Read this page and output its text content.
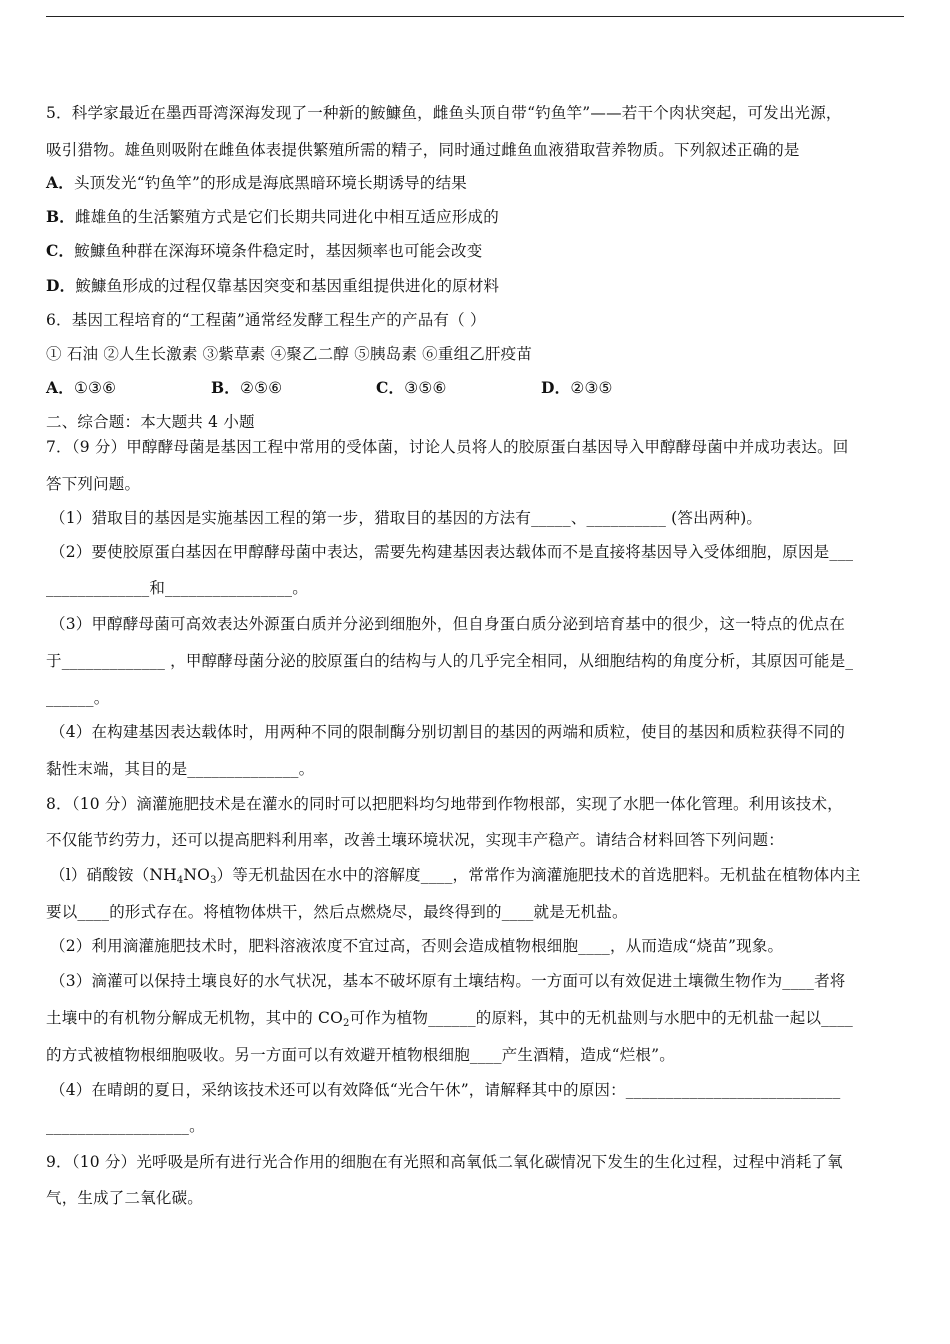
5．科学家最近在墨西哥湾深海发现了一种新的鮟鱇鱼，雌鱼头顶自带“钓鱼竿”——若干个肉状突起，可发出光源，
吸引猎物。雄鱼则吸附在雌鱼体表提供繁殖所需的精子，同时通过雌鱼血液猎取营养物质。下列叙述正确的是
A．头顶发光“钓鱼竿”的形成是海底黑暗环境长期诱导的结果
B．雌雄鱼的生活繁殖方式是它们长期共同进化中相互适应形成的
C．鮟鱇鱼种群在深海环境条件稳定时，基因频率也可能会改变
D．鮟鱇鱼形成的过程仅靠基因突变和基因重组提供进化的原材料
6．基因工程培育的“工程菌”通常经发酵工程生产的产品有（ ）
① 石油 ②人生长激素 ③紫草素 ④聚乙二醇 ⑤胰岛素 ⑥重组乙肝疫苗
A．①③⑥	B．②⑤⑥	C．③⑤⑥	D．②③⑤
二、综合题：本大题共 4 小题
7．（9 分）甲醇酵母菌是基因工程中常用的受体菌，讨论人员将人的胶原蛋白基因导入甲醇酵母菌中并成功表达。回
答下列问题。
（1）猎取目的基因是实施基因工程的第一步，猎取目的基因的方法有_____、__________ (答出两种)。
（2）要使胶原蛋白基因在甲醇酵母菌中表达，需要先构建基因表达载体而不是直接将基因导入受体细胞，原因是___
_____________和________________。
（3）甲醇酵母菌可高效表达外源蛋白质并分泌到细胞外，但自身蛋白质分泌到培育基中的很少，这一特点的优点在
于_____________ ，甲醇酵母菌分泌的胶原蛋白的结构与人的几乎完全相同，从细胞结构的角度分析，其原因可能是_
______。
（4）在构建基因表达载体时，用两种不同的限制酶分别切割目的基因的两端和质粒，使目的基因和质粒获得不同的
黏性末端，其目的是______________。
8．（10 分）滴灌施肥技术是在灌水的同时可以把肥料均匀地带到作物根部，实现了水肥一体化管理。利用该技术，
不仅能节约劳力，还可以提高肥料利用率，改善土壤环境状况，实现丰产稳产。请结合材料回答下列问题：
（l）硝酸铵$(NH_4NO_3)$等无机盐因在水中的溶解度____，常常作为滴灌施肥技术的首选肥料。无机盐在植物体内主
要以____的形式存在。将植物体烘干，然后点燃烧尽，最终得到的____就是无机盐。
（2）利用滴灌施肥技术时，肥料溶液浓度不宜过高，否则会造成植物根细胞____，从而造成“烧苗”现象。
（3）滴灌可以保持土壤良好的水气状况，基本不破坏原有土壤结构。一方面可以有效促进土壤微生物作为____者将
土壤中的有机物分解成无机物，其中的 $CO_2$可作为植物______的原料，其中的无机盐则与水肥中的无机盐一起以____
的方式被植物根细胞吸收。另一方面可以有效避开植物根细胞____产生酒精，造成“烂根”。
（4）在晴朗的夏日，采纳该技术还可以有效降低“光合午休”，请解释其中的原因：___________________________
__________________。
9．（10 分）光呼吸是所有进行光合作用的细胞在有光照和高氧低二氧化碳情况下发生的生化过程，过程中消耗了氧
气，生成了二氧化碳。
